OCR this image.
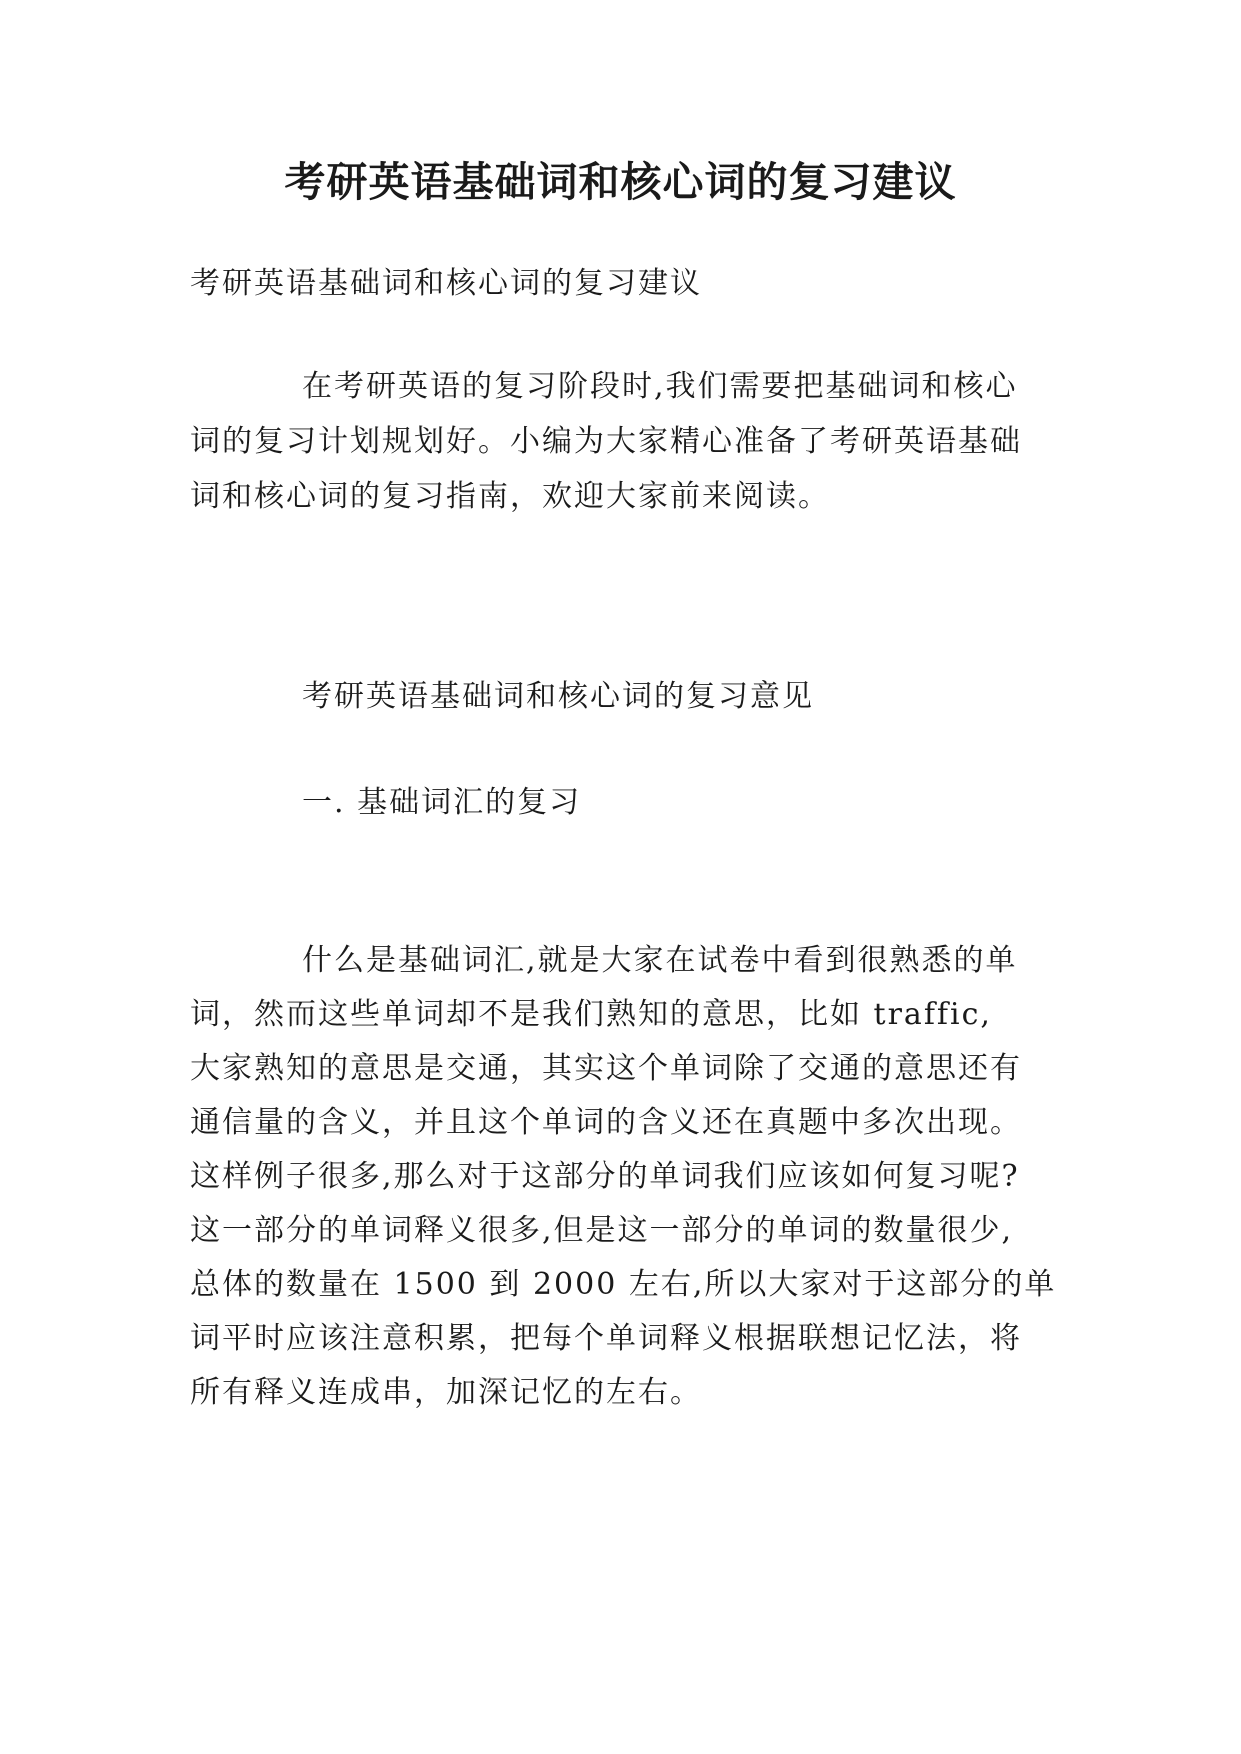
考研英语基础词和核心词的复习建议

考研英语基础词和核心词的复习建议

在考研英语的复习阶段时,我们需要把基础词和核心

词的复习计划规划好。小编为大家精心准备了考研英语基础

词和核心词的复习指南，欢迎大家前来阅读。

考研英语基础词和核心词的复习意见

一. 基础词汇的复习

什么是基础词汇,就是大家在试卷中看到很熟悉的单

词，然而这些单词却不是我们熟知的意思，比如 traffic,

大家熟知的意思是交通，其实这个单词除了交通的意思还有

通信量的含义，并且这个单词的含义还在真题中多次出现。

这样例子很多,那么对于这部分的单词我们应该如何复习呢?

这一部分的单词释义很多,但是这一部分的单词的数量很少,

总体的数量在 1500 到 2000 左右,所以大家对于这部分的单

词平时应该注意积累，把每个单词释义根据联想记忆法，将

所有释义连成串，加深记忆的左右。
